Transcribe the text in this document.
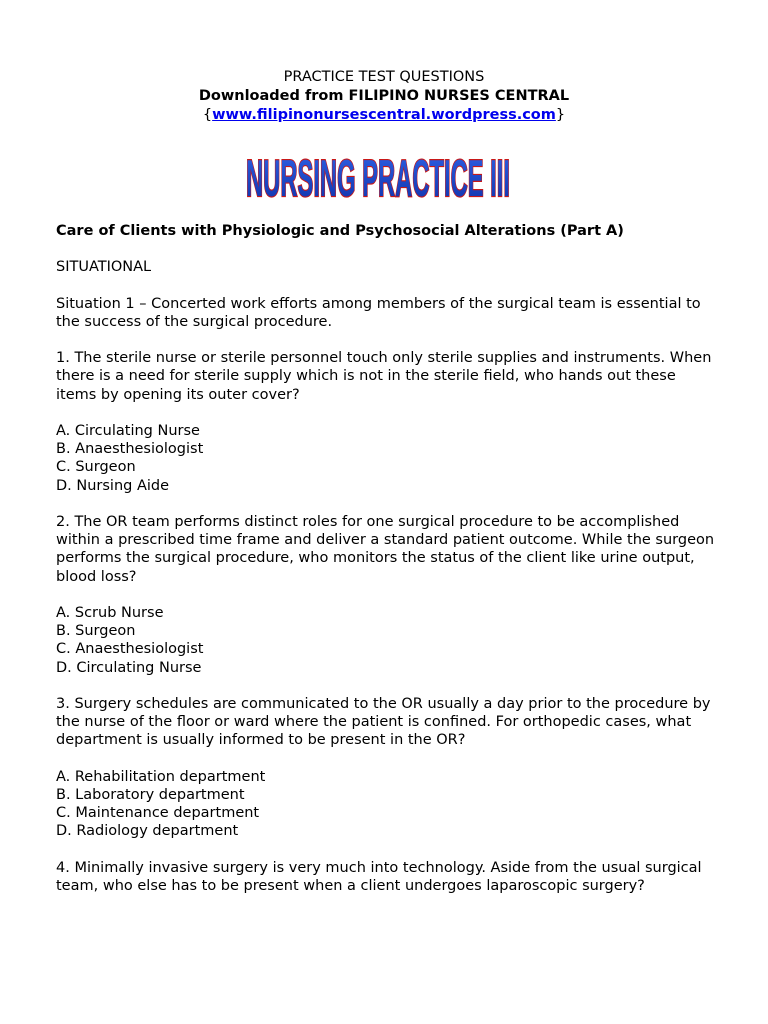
PRACTICE TEST QUESTIONS
Downloaded from FILIPINO NURSES CENTRAL
{www.filipinonursescentral.wordpress.com}
NURSING PRACTICE III

Care of Clients with Physiologic and Psychosocial Alterations (Part A)

SITUATIONAL

Situation 1 – Concerted work efforts among members of the surgical team is essential to the success of the surgical procedure.

1. The sterile nurse or sterile personnel touch only sterile supplies and instruments. When there is a need for sterile supply which is not in the sterile field, who hands out these items by opening its outer cover?

A. Circulating Nurse
B. Anaesthesiologist
C. Surgeon
D. Nursing Aide

2. The OR team performs distinct roles for one surgical procedure to be accomplished within a prescribed time frame and deliver a standard patient outcome. While the surgeon performs the surgical procedure, who monitors the status of the client like urine output, blood loss?

A. Scrub Nurse
B. Surgeon
C. Anaesthesiologist
D. Circulating Nurse

3. Surgery schedules are communicated to the OR usually a day prior to the procedure by the nurse of the floor or ward where the patient is confined. For orthopedic cases, what department is usually informed to be present in the OR?

A. Rehabilitation department
B. Laboratory department
C. Maintenance department
D. Radiology department

4. Minimally invasive surgery is very much into technology. Aside from the usual surgical team, who else has to be present when a client undergoes laparoscopic surgery?
